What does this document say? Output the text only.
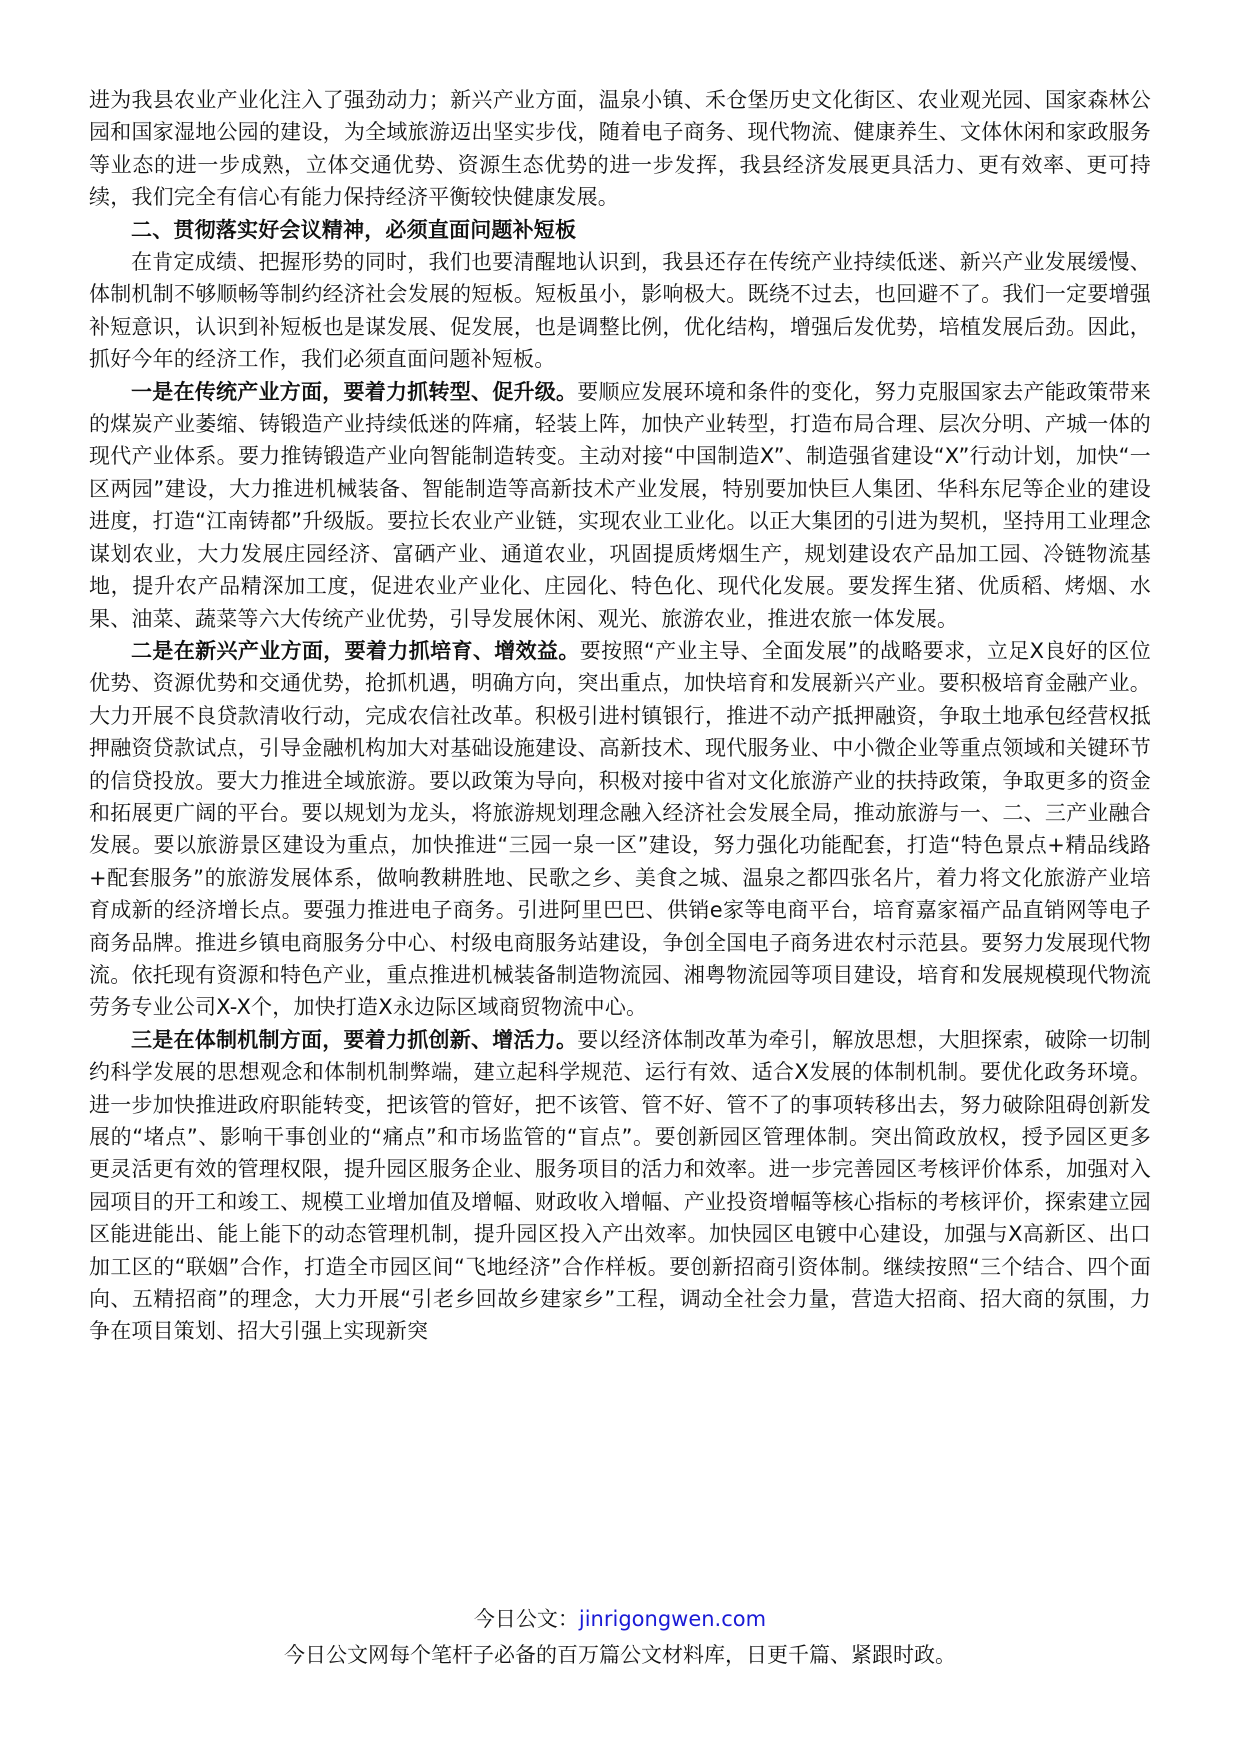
进为我县农业产业化注入了强劲动力；新兴产业方面，温泉小镇、禾仓堡历史文化街区、农业观光园、国家森林公园和国家湿地公园的建设，为全域旅游迈出坚实步伐，随着电子商务、现代物流、健康养生、文体休闲和家政服务等业态的进一步成熟，立体交通优势、资源生态优势的进一步发挥，我县经济发展更具活力、更有效率、更可持续，我们完全有信心有能力保持经济平衡较快健康发展。

二、贯彻落实好会议精神，必须直面问题补短板

在肯定成绩、把握形势的同时，我们也要清醒地认识到，我县还存在传统产业持续低迷、新兴产业发展缓慢、体制机制不够顺畅等制约经济社会发展的短板。短板虽小，影响极大。既绕不过去，也回避不了。我们一定要增强补短意识，认识到补短板也是谋发展、促发展，也是调整比例，优化结构，增强后发优势，培植发展后劲。因此，抓好今年的经济工作，我们必须直面问题补短板。

一是在传统产业方面，要着力抓转型、促升级。要顺应发展环境和条件的变化，努力克服国家去产能政策带来的煤炭产业萎缩、铸锻造产业持续低迷的阵痛，轻装上阵，加快产业转型，打造布局合理、层次分明、产城一体的现代产业体系。要力推铸锻造产业向智能制造转变。主动对接“中国制造X”、制造强省建设“X”行动计划，加快“一区两园”建设，大力推进机械装备、智能制造等高新技术产业发展，特别要加快巨人集团、华科东尼等企业的建设进度，打造“江南铸都”升级版。要拉长农业产业链，实现农业工业化。以正大集团的引进为契机，坚持用工业理念谋划农业，大力发展庄园经济、富硒产业、通道农业，巩固提质烤烟生产，规划建设农产品加工园、冷链物流基地，提升农产品精深加工度，促进农业产业化、庄园化、特色化、现代化发展。要发挥生猪、优质稻、烤烟、水果、油菜、蔬菜等六大传统产业优势，引导发展休闲、观光、旅游农业，推进农旅一体发展。

二是在新兴产业方面，要着力抓培育、增效益。要按照“产业主导、全面发展”的战略要求，立足X良好的区位优势、资源优势和交通优势，抢抓机遇，明确方向，突出重点，加快培育和发展新兴产业。要积极培育金融产业。大力开展不良贷款清收行动，完成农信社改革。积极引进村镇银行，推进不动产抵押融资，争取土地承包经营权抵押融资贷款试点，引导金融机构加大对基础设施建设、高新技术、现代服务业、中小微企业等重点领域和关键环节的信贷投放。要大力推进全域旅游。要以政策为导向，积极对接中省对文化旅游产业的扶持政策，争取更多的资金和拓展更广阔的平台。要以规划为龙头，将旅游规划理念融入经济社会发展全局，推动旅游与一、二、三产业融合发展。要以旅游景区建设为重点，加快推进“三园一泉一区”建设，努力强化功能配套，打造“特色景点+精品线路+配套服务”的旅游发展体系，做响教耕胜地、民歌之乡、美食之城、温泉之都四张名片，着力将文化旅游产业培育成新的经济增长点。要强力推进电子商务。引进阿里巴巴、供销e家等电商平台，培育嘉家福产品直销网等电子商务品牌。推进乡镇电商服务分中心、村级电商服务站建设，争创全国电子商务进农村示范县。要努力发展现代物流。依托现有资源和特色产业，重点推进机械装备制造物流园、湘粤物流园等项目建设，培育和发展规模现代物流劳务专业公司X-X个，加快打造X永边际区域商贸物流中心。

三是在体制机制方面，要着力抓创新、增活力。要以经济体制改革为牵引，解放思想，大胆探索，破除一切制约科学发展的思想观念和体制机制弊端，建立起科学规范、运行有效、适合X发展的体制机制。要优化政务环境。进一步加快推进政府职能转变，把该管的管好，把不该管、管不好、管不了的事项转移出去，努力破除阻碍创新发展的“堵点”、影响干事创业的“痛点”和市场监管的“盲点”。要创新园区管理体制。突出简政放权，授予园区更多更灵活更有效的管理权限，提升园区服务企业、服务项目的活力和效率。进一步完善园区考核评价体系，加强对入园项目的开工和竣工、规模工业增加值及增幅、财政收入增幅、产业投资增幅等核心指标的考核评价，探索建立园区能进能出、能上能下的动态管理机制，提升园区投入产出效率。加快园区电镀中心建设，加强与X高新区、出口加工区的“联姻”合作，打造全市园区间“飞地经济”合作样板。要创新招商引资体制。继续按照“三个结合、四个面向、五精招商”的理念，大力开展“引老乡回故乡建家乡”工程，调动全社会力量，营造大招商、招大商的氛围，力争在项目策划、招大引强上实现新突

今日公文：jinrigongwen.com
今日公文网每个笔杆子必备的百万篇公文材料库，日更千篇、紧跟时政。
